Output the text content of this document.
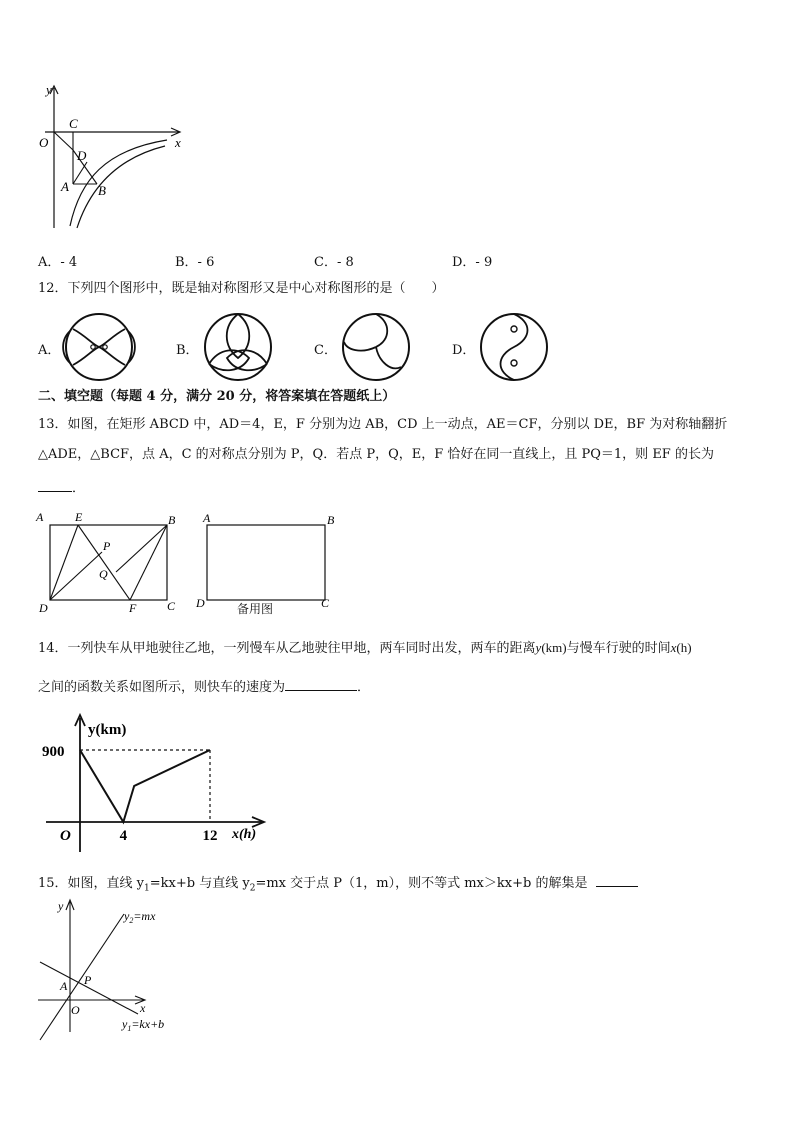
y
x
O
C
D
A B
A．- 4	B．- 6	C．- 8	D．- 9
12．下列四个图形中，既是轴对称图形又是中心对称图形的是（　　）
A．	B．	C．	D．
二、填空题（每题 4 分，满分 20 分，将答案填在答题纸上）
13．如图，在矩形 ABCD 中，AD＝4，E，F 分别为边 AB，CD 上一动点，AE＝CF，分别以 DE，BF 为对称轴翻折
△ADE，△BCF，点 A，C 的对称点分别为 P，Q．若点 P，Q，E，F 恰好在同一直线上，且 PQ＝1，则 EF 的长为
．
A	E	B
P
Q
D	F	C
A	B
D	C
备用图
14．一列快车从甲地驶往乙地，一列慢车从乙地驶往甲地，两车同时出发，两车的距离y(km)与慢车行驶的时间x(h)
之间的函数关系如图所示，则快车的速度为	．
y(km)
x(h)
O
900
4	12
15．如图，直线 $y_1=kx+b$ 与直线 $y_2=mx$ 交于点 P（1，m），则不等式 mx＞kx+b 的解集是
y
x
O
A P
$y_2=mx$
$y_1=kx+b$
